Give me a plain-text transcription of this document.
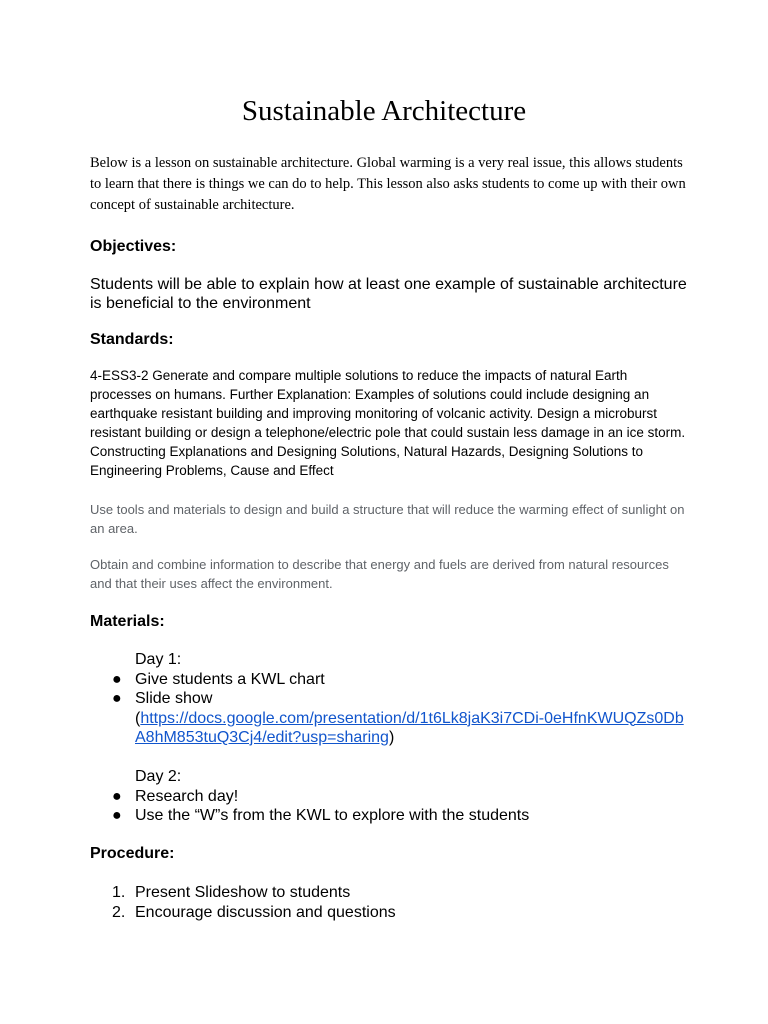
Sustainable Architecture

Below is a lesson on sustainable architecture. Global warming is a very real issue, this allows students to learn that there is things we can do to help. This lesson also asks students to come up with their own concept of sustainable architecture.

Objectives:

Students will be able to explain how at least one example of sustainable architecture is beneficial to the environment

Standards:

4-ESS3-2 Generate and compare multiple solutions to reduce the impacts of natural Earth processes on humans. Further Explanation: Examples of solutions could include designing an earthquake resistant building and improving monitoring of volcanic activity. Design a microburst resistant building or design a telephone/electric pole that could sustain less damage in an ice storm. Constructing Explanations and Designing Solutions, Natural Hazards, Designing Solutions to Engineering Problems, Cause and Effect

Use tools and materials to design and build a structure that will reduce the warming effect of sunlight on an area.

Obtain and combine information to describe that energy and fuels are derived from natural resources and that their uses affect the environment.

Materials:
Day 1:
● Give students a KWL chart
● Slide show
(https://docs.google.com/presentation/d/1t6Lk8jaK3i7CDi-0eHfnKWUQZs0DbA8hM853tuQ3Cj4/edit?usp=sharing)
Day 2:
● Research day!
● Use the “W”s from the KWL to explore with the students
Procedure:
1. Present Slideshow to students
2. Encourage discussion and questions
